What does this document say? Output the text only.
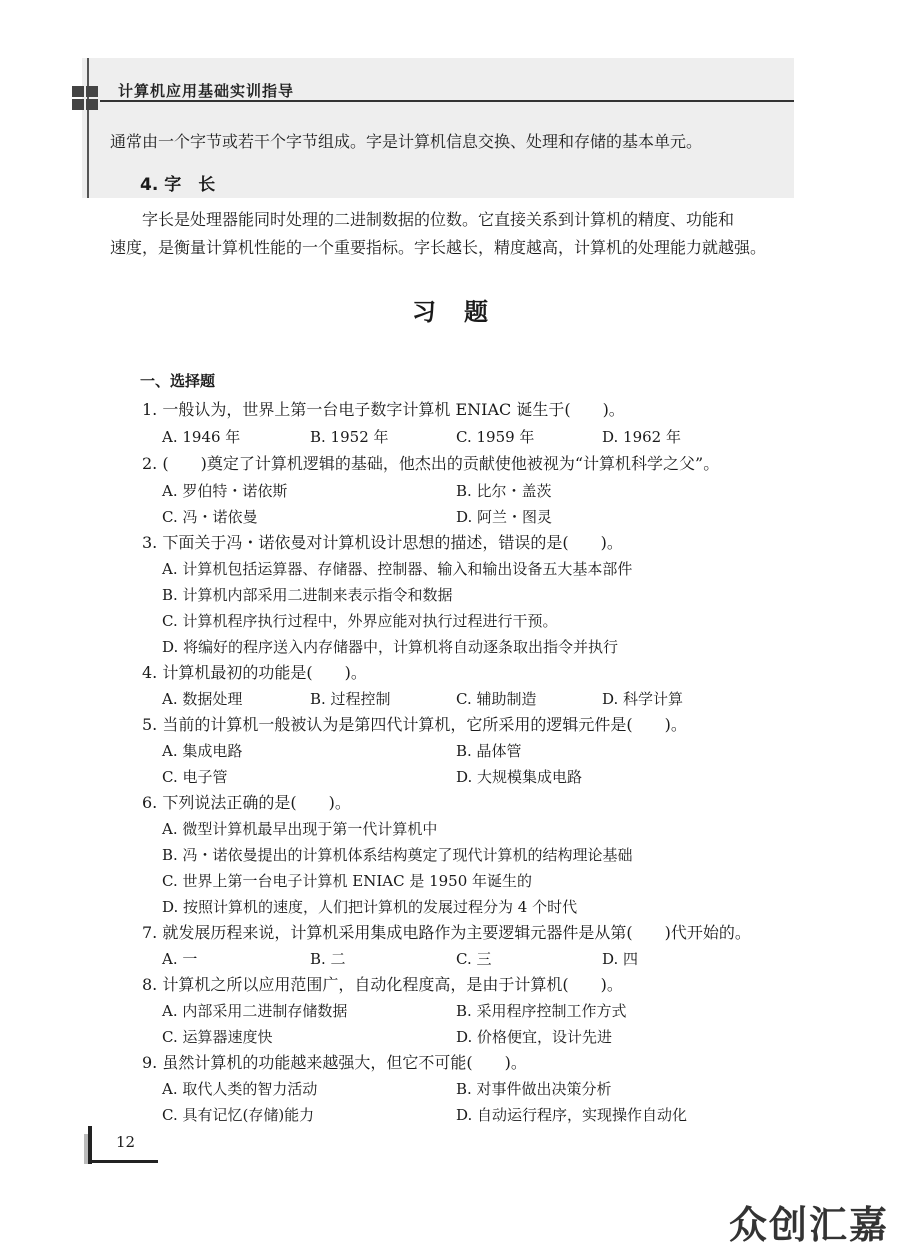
计算机应用基础实训指导
通常由一个字节或若干个字节组成。字是计算机信息交换、处理和存储的基本单元。
4. 字　长
字长是处理器能同时处理的二进制数据的位数。它直接关系到计算机的精度、功能和
速度，是衡量计算机性能的一个重要指标。字长越长，精度越高，计算机的处理能力就越强。
习　题
一、选择题
1. 一般认为，世界上第一台电子数字计算机 ENIAC 诞生于(　　)。
A. 1946 年	B. 1952 年	C. 1959 年	D. 1962 年
2. (　　)奠定了计算机逻辑的基础，他杰出的贡献使他被视为“计算机科学之父”。
A. 罗伯特・诺依斯	B. 比尔・盖茨
C. 冯・诺依曼	D. 阿兰・图灵
3. 下面关于冯・诺依曼对计算机设计思想的描述，错误的是(　　)。
A. 计算机包括运算器、存储器、控制器、输入和输出设备五大基本部件
B. 计算机内部采用二进制来表示指令和数据
C. 计算机程序执行过程中，外界应能对执行过程进行干预。
D. 将编好的程序送入内存储器中，计算机将自动逐条取出指令并执行
4. 计算机最初的功能是(　　)。
A. 数据处理	B. 过程控制	C. 辅助制造	D. 科学计算
5. 当前的计算机一般被认为是第四代计算机，它所采用的逻辑元件是(　　)。
A. 集成电路	B. 晶体管
C. 电子管	D. 大规模集成电路
6. 下列说法正确的是(　　)。
A. 微型计算机最早出现于第一代计算机中
B. 冯・诺依曼提出的计算机体系结构奠定了现代计算机的结构理论基础
C. 世界上第一台电子计算机 ENIAC 是 1950 年诞生的
D. 按照计算机的速度，人们把计算机的发展过程分为 4 个时代
7. 就发展历程来说，计算机采用集成电路作为主要逻辑元器件是从第(　　)代开始的。
A. 一	B. 二	C. 三	D. 四
8. 计算机之所以应用范围广，自动化程度高，是由于计算机(　　)。
A. 内部采用二进制存储数据	B. 采用程序控制工作方式
C. 运算器速度快	D. 价格便宜，设计先进
9. 虽然计算机的功能越来越强大，但它不可能(　　)。
A. 取代人类的智力活动	B. 对事件做出决策分析
C. 具有记忆(存储)能力	D. 自动运行程序，实现操作自动化
12
众创汇嘉
